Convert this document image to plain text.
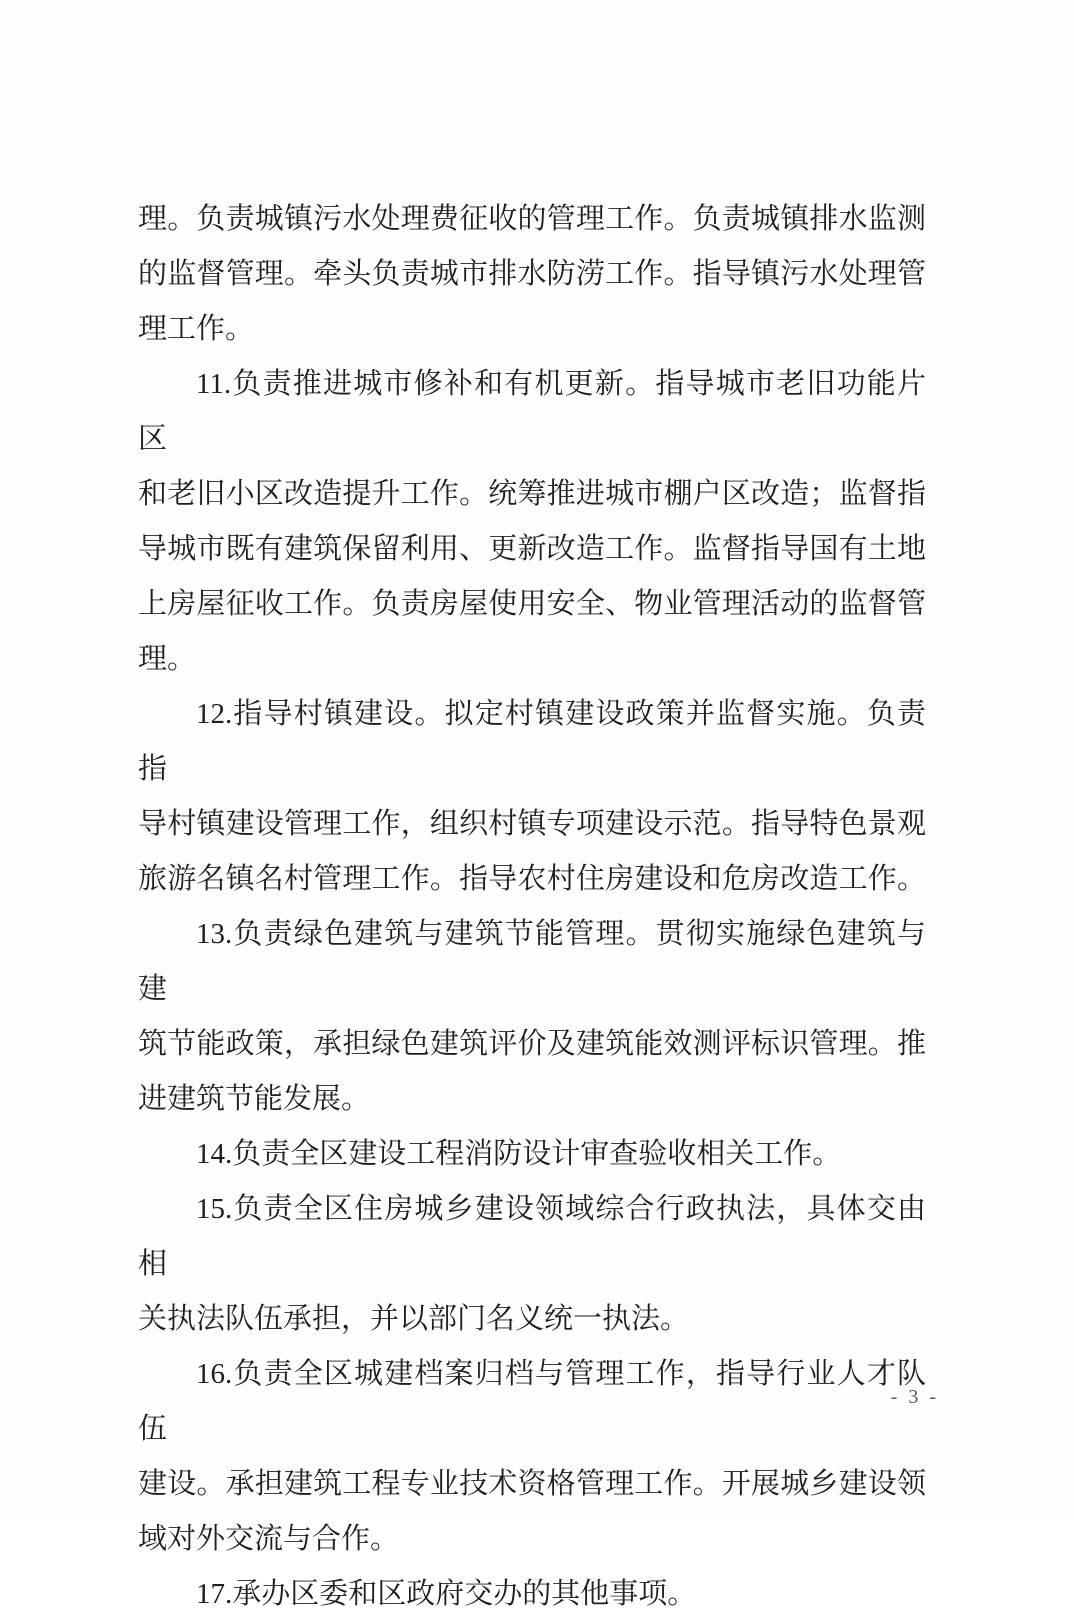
理。负责城镇污水处理费征收的管理工作。负责城镇排水监测
的监督管理。牵头负责城市排水防涝工作。指导镇污水处理管
理工作。
11.负责推进城市修补和有机更新。指导城市老旧功能片区
和老旧小区改造提升工作。统筹推进城市棚户区改造；监督指
导城市既有建筑保留利用、更新改造工作。监督指导国有土地
上房屋征收工作。负责房屋使用安全、物业管理活动的监督管
理。
12.指导村镇建设。拟定村镇建设政策并监督实施。负责指
导村镇建设管理工作，组织村镇专项建设示范。指导特色景观
旅游名镇名村管理工作。指导农村住房建设和危房改造工作。
13.负责绿色建筑与建筑节能管理。贯彻实施绿色建筑与建
筑节能政策，承担绿色建筑评价及建筑能效测评标识管理。推
进建筑节能发展。
14.负责全区建设工程消防设计审查验收相关工作。
15.负责全区住房城乡建设领域综合行政执法，具体交由相
关执法队伍承担，并以部门名义统一执法。
16.负责全区城建档案归档与管理工作，指导行业人才队伍
建设。承担建筑工程专业技术资格管理工作。开展城乡建设领
域对外交流与合作。
17.承办区委和区政府交办的其他事项。
- 3 -
